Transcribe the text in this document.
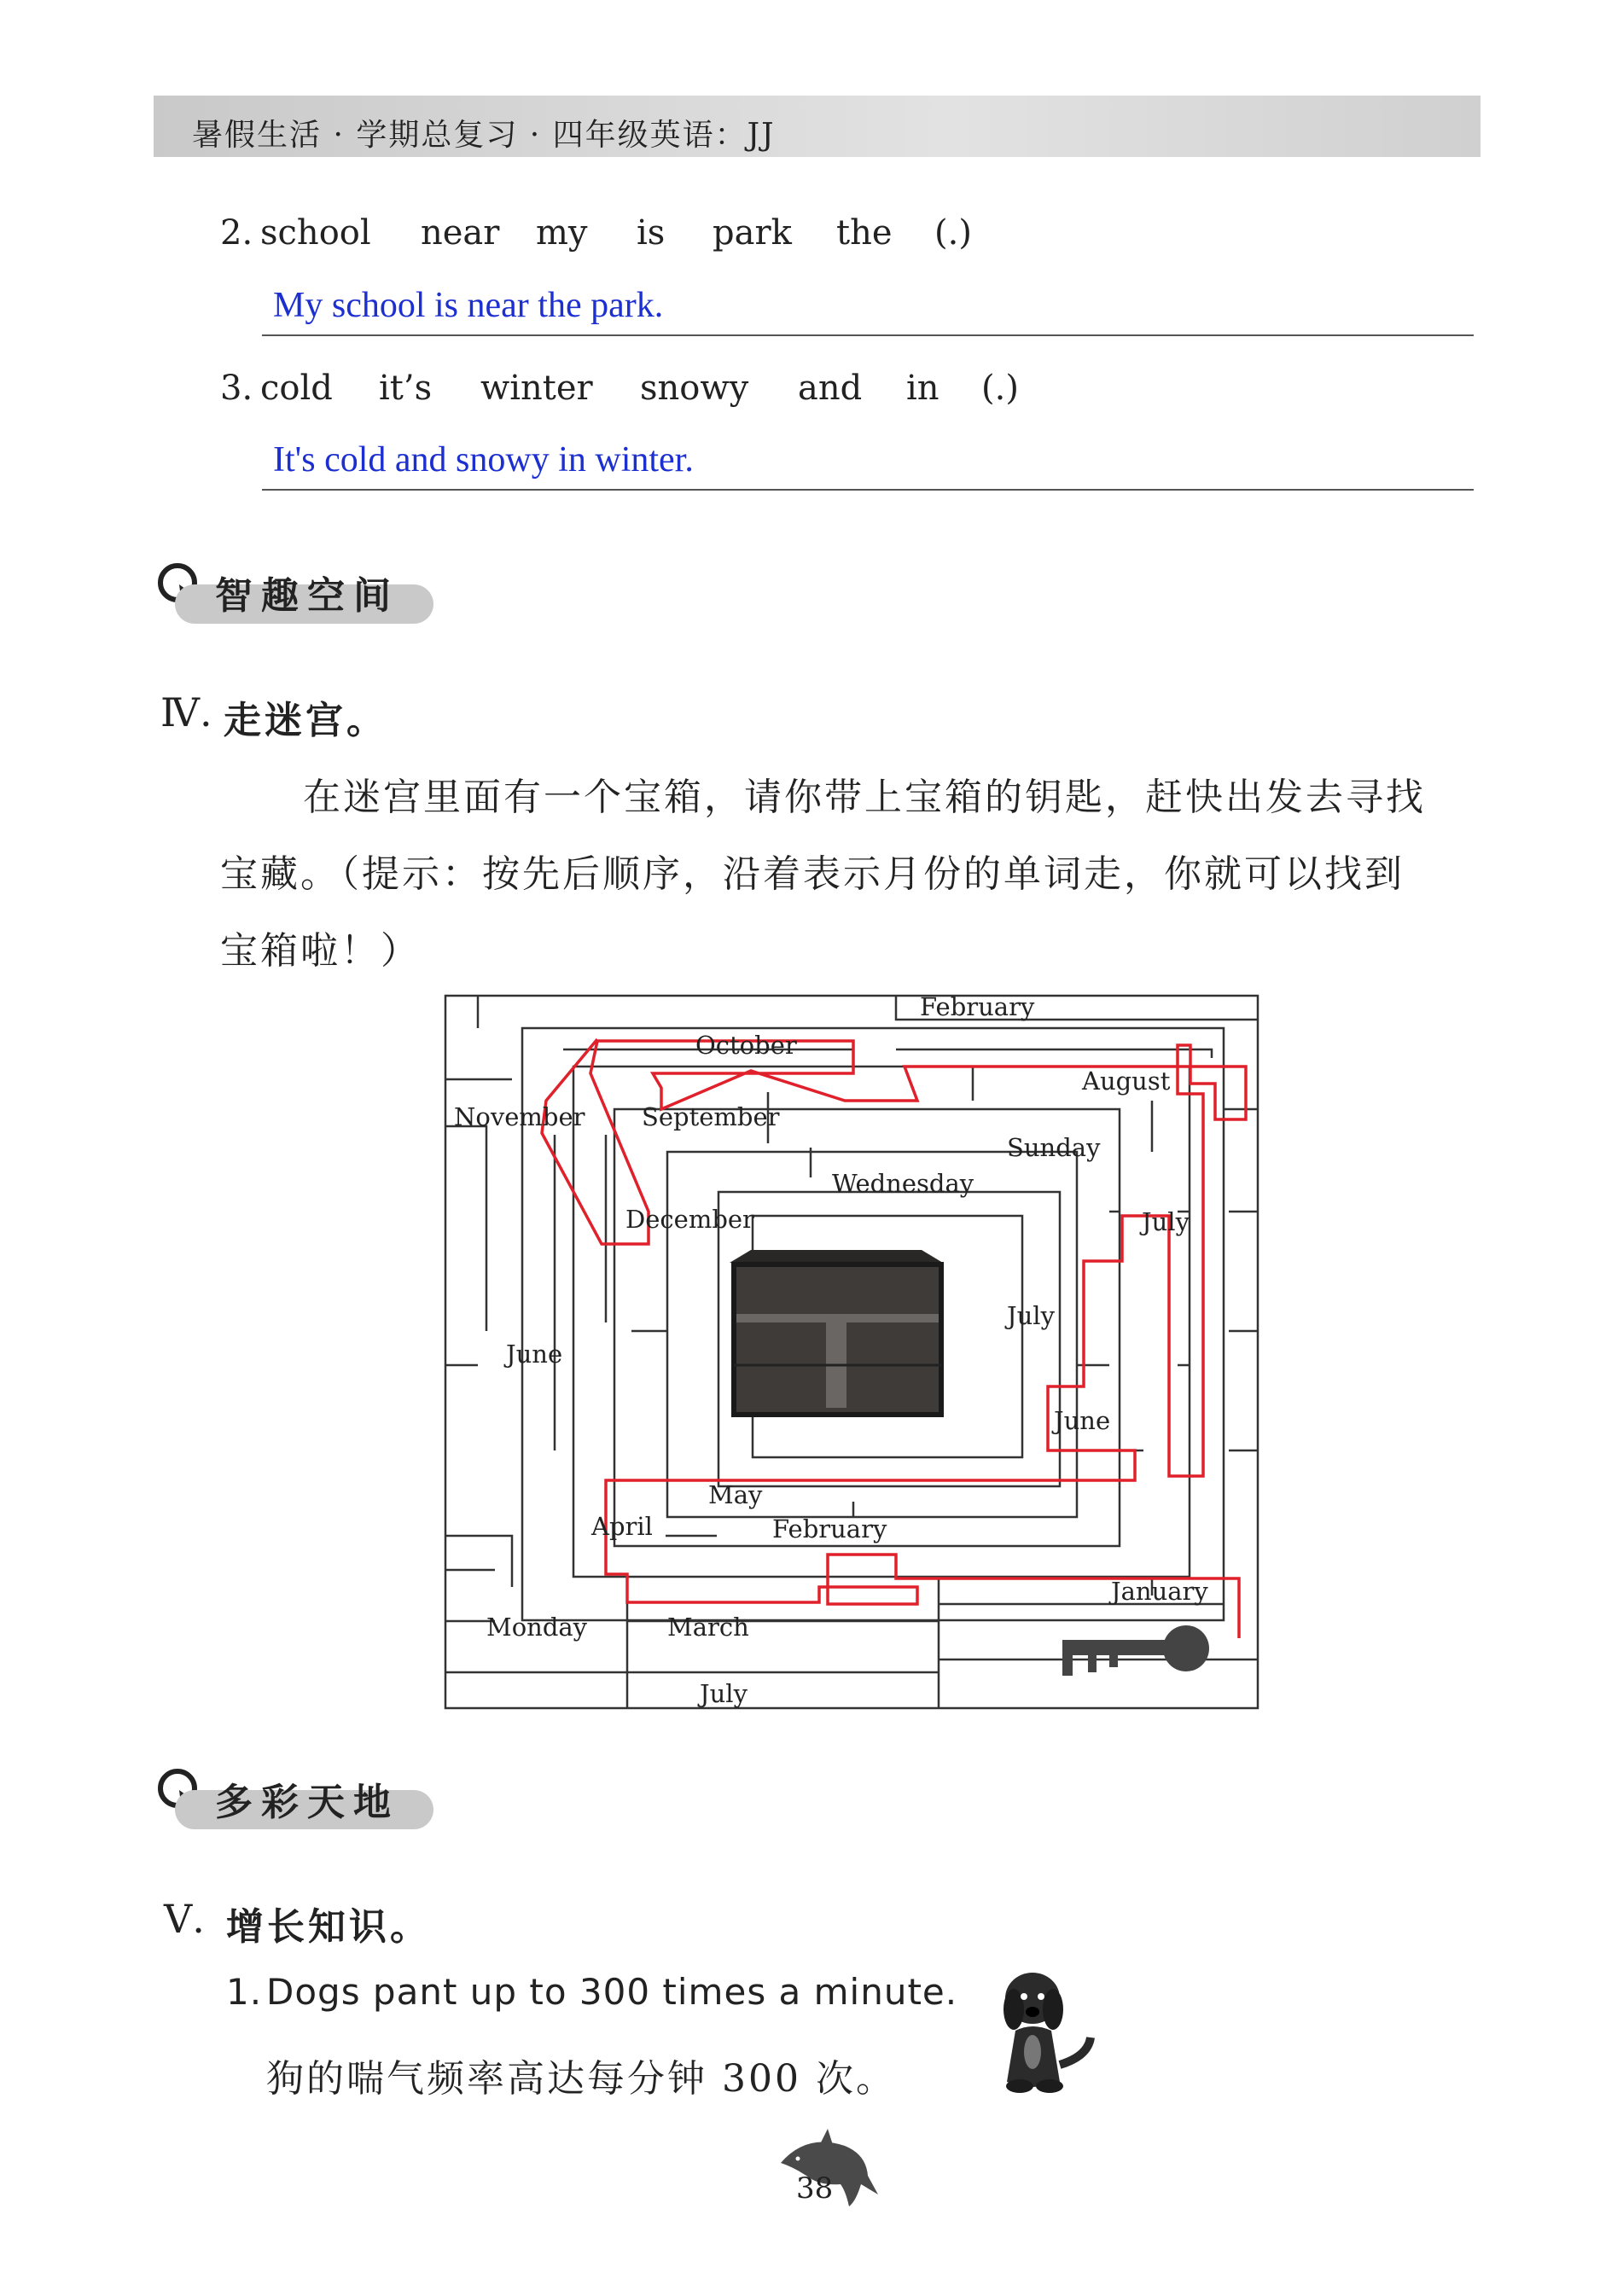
暑假生活 · 学期总复习 · 四年级英语：JJ
2. school near my is park the (.)
My school is near the park.
3. cold it’s winter snowy and in (.)
It's cold and snowy in winter.
智趣空间
Ⅳ. 走迷宫。
在迷宫里面有一个宝箱，请你带上宝箱的钥匙，赶快出发去寻找
宝藏。（提示：按先后顺序，沿着表示月份的单词走，你就可以找到
宝箱啦！）
February
October
August
November September
Sunday
Wednesday
December	July
July
June
June
May
April	February
January
Monday	March
July
多彩天地
Ⅴ. 增长知识。
1. Dogs pant up to 300 times a minute.
狗的喘气频率高达每分钟 300 次。
38
